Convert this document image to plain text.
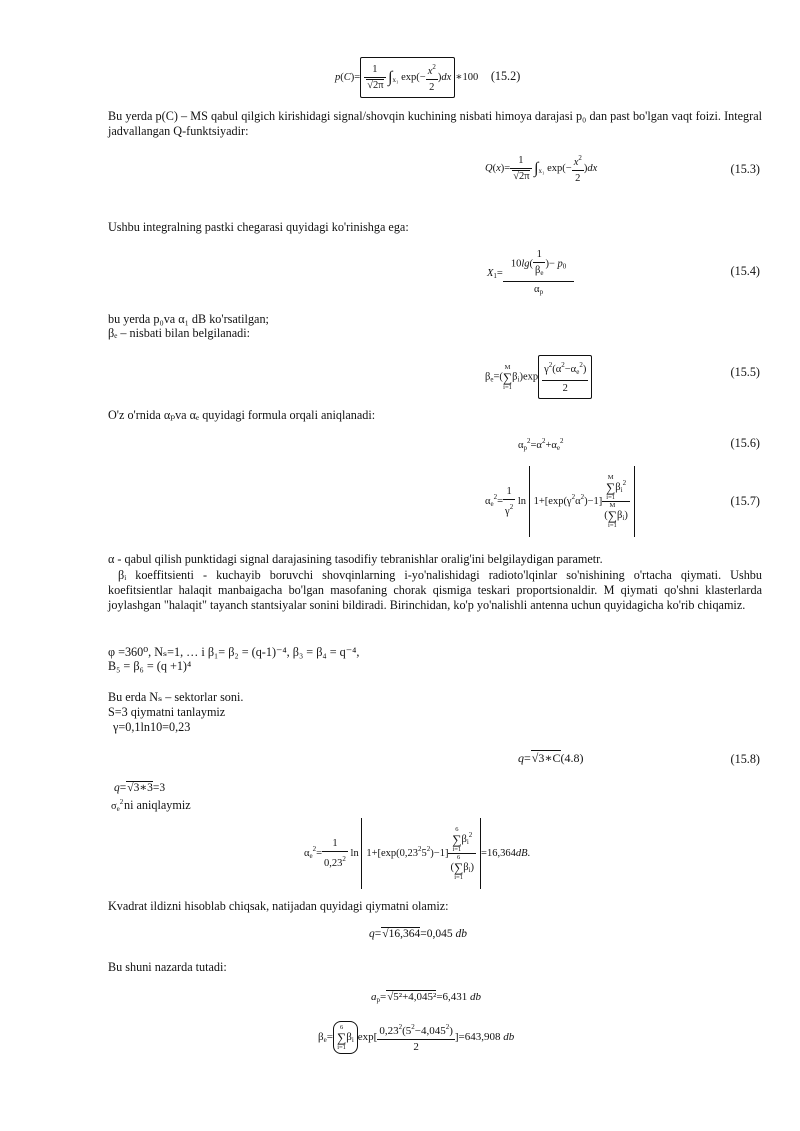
$p(C)= \frac{1}{√2\pi} \int_{x_1}$ $\exp(- \frac{x^2}{2} )dx$ ∗100 (15.2)
Bu yerda p(C) – MS qabul qilgich kirishidagi signal/shovqin kuchining nisbati himoya darajasi p₀ dan past bo'lgan vaqt foizi. Integral jadvallangan Q-funktsiyadir:
$Q(x)= \frac{1}{√2\pi} \int_{x_1}$ $\exp(- \frac{x^2}{2} )dx$	(15.3)
Ushbu integralning pastki chegarasi quyidagi ko'rinishga ega:
$X_1= \frac{10\lg( \frac{1}{\beta_e} )- p_0}{\alpha_p}$	(15.4)
bu yerda p₀va α₁ dB ko'rsatilgan;
βₑ – nisbati bilan belgilanadi:
$\beta_e=(M$
∑
$i=1\beta_i)\exp \frac{\gamma^2(\alpha^2-\alpha_e^2)}{2}$	(15.5)
O'z o'rnida αₚva αₑ quyidagi formula orqali aniqlanadi:
$\alpha_p^2=\alpha^2+\alpha_e^2$	(15.6)
$\alpha_e^2= \frac{1}{\gamma^2}$ $\ln 1+[\exp(\gamma^2\alpha^2)-1]$ M
∑
$i=1\beta_i^2$
(M
∑
$i=1\beta_i$)	(15.7)
α - qabul qilish punktidagi signal darajasining tasodifiy tebranishlar oralig'ini belgilaydigan parametr.
βᵢ koeffitsienti - kuchayib boruvchi shovqinlarning i-yo'nalishidagi radioto'lqinlar so'nishining o'rtacha qiymati. Ushbu koefitsientlar halaqit manbaigacha bo'lgan masofaning chorak qismiga teskari proportsionaldir. M qiymati qo'shni klasterlarda joylashgan "halaqit" tayanch stantsiyalar sonini bildiradi. Birinchidan, ko'p yo'nalishli antenna uchun quyidagicha ko'rib chiqamiz.
φ =360⁰, Nₛ=1, … i β₁= β₂ = (q-1)⁻⁴, β₃ = β₄ = q⁻⁴,
B₅ = β₆ = (q +1)⁴
Bu erda Nₛ – sektorlar soni.
S=3 qiymatni tanlaymiz
γ=0,1ln10=0,23
q=√3∗C(4.8)	(15.8)
q=√3∗3=3
$\sigma_e^2$ ni aniqlaymiz
$\alpha_e^2= \frac{1}{0,23^2}$ $\ln 1+[\exp(0,23^25^2)-1]$ 6
∑
$i=1\beta_i^2$
(6
∑
$i=1\beta_i) =16,364dB$.
Kvadrat ildizni hisoblab chiqsak, natijadan quyidagi qiymatni olamiz:
q=√16,364=0,045 db
Bu shuni nazarda tutadi:
$a_p=√5^2+4,045^2=6,431$ db
$\beta_e=6$
∑
$i=1\beta_i$ $\exp[ \frac{0,23^2(5^2-4,045^2)}{2} ]=643,908$ db
